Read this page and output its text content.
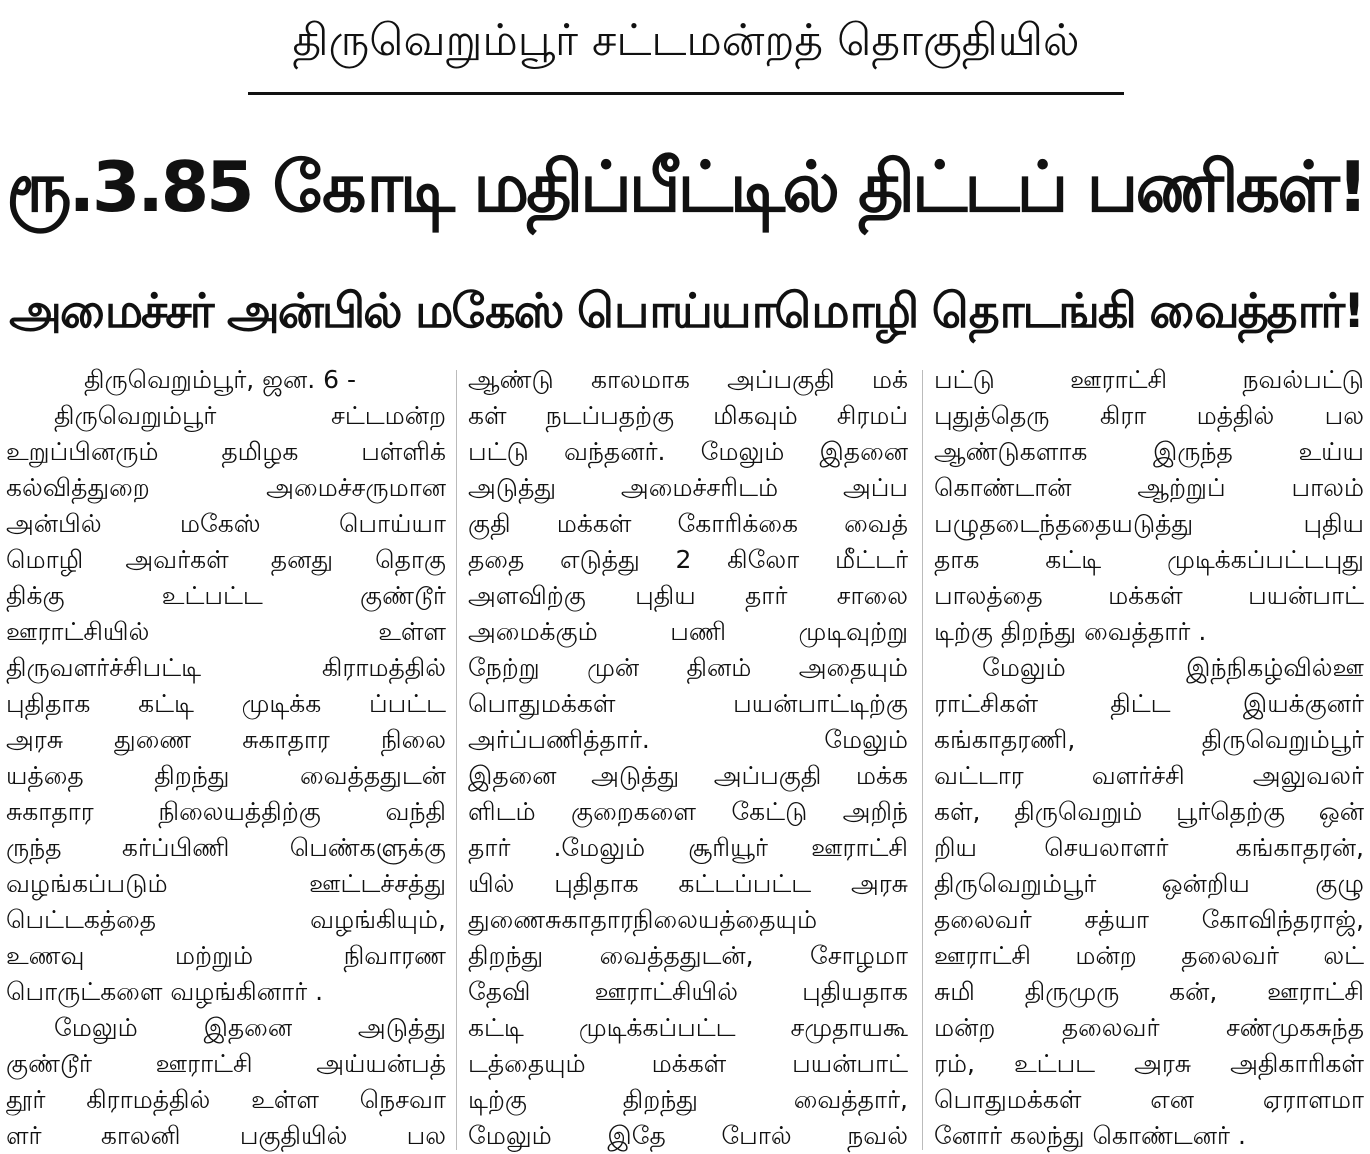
திருவெறும்பூர் சட்டமன்றத் தொகுதியில்
ரூ.3.85 கோடி மதிப்பீட்டில் திட்டப் பணிகள்!
அமைச்சர் அன்பில் மகேஸ் பொய்யாமொழி தொடங்கி வைத்தார்!
திருவெறும்பூர், ஜன. 6 -
திருவெறும்பூர் சட்டமன்ற
உறுப்பினரும் தமிழக பள்ளிக்
கல்வித்துறை அமைச்சருமான
அன்பில் மகேஸ் பொய்யா
மொழி அவர்கள் தனது தொகு
திக்கு உட்பட்ட குண்டூர்
ஊராட்சியில் உள்ள
திருவளர்ச்சிபட்டி கிராமத்தில்
புதிதாக கட்டி முடிக்க ப்பட்ட
அரசு துணை சுகாதார நிலை
யத்தை திறந்து வைத்ததுடன்
சுகாதார நிலையத்திற்கு வந்தி
ருந்த கர்ப்பிணி பெண்களுக்கு
வழங்கப்படும் ஊட்டச்சத்து
பெட்டகத்தை வழங்கியும்,
உணவு மற்றும் நிவாரண
பொருட்களை வழங்கினார் .
மேலும் இதனை அடுத்து
குண்டூர் ஊராட்சி அய்யன்பத்
தூர் கிராமத்தில் உள்ள நெசவா
ளர் காலனி பகுதியில் பல
ஆண்டு காலமாக அப்பகுதி மக்
கள் நடப்பதற்கு மிகவும் சிரமப்
பட்டு வந்தனர். மேலும் இதனை
அடுத்து அமைச்சரிடம் அப்ப
குதி மக்கள் கோரிக்கை வைத்
ததை எடுத்து 2 கிலோ மீட்டர்
அளவிற்கு புதிய தார் சாலை
அமைக்கும் பணி முடிவுற்று
நேற்று முன் தினம் அதையும்
பொதுமக்கள் பயன்பாட்டிற்கு
அர்ப்பணித்தார். மேலும்
இதனை அடுத்து அப்பகுதி மக்க
ளிடம் குறைகளை கேட்டு அறிந்
தார் .மேலும் சூரியூர் ஊராட்சி
யில் புதிதாக கட்டப்பட்ட அரசு
துணைசுகாதாரநிலையத்தையும்
திறந்து வைத்ததுடன், சோழமா
தேவி ஊராட்சியில் புதியதாக
கட்டி முடிக்கப்பட்ட சமுதாயகூ
டத்தையும் மக்கள் பயன்பாட்
டிற்கு திறந்து வைத்தார்,
மேலும் இதே போல் நவல்
பட்டு ஊராட்சி நவல்பட்டு
புதுத்தெரு கிரா மத்தில் பல
ஆண்டுகளாக இருந்த உய்ய
கொண்டான் ஆற்றுப் பாலம்
பழுதடைந்ததையடுத்து புதிய
தாக கட்டி முடிக்கப்பட்டபுது
பாலத்தை மக்கள் பயன்பாட்
டிற்கு திறந்து வைத்தார் .
மேலும் இந்நிகழ்வில்ஊ
ராட்சிகள் திட்ட இயக்குனர்
கங்காதரணி, திருவெறும்பூர்
வட்டார வளர்ச்சி அலுவலர்
கள், திருவெறும் பூர்தெற்கு ஒன்
றிய செயலாளர் கங்காதரன்,
திருவெறும்பூர் ஒன்றிய குழு
தலைவர் சத்யா கோவிந்தராஜ்,
ஊராட்சி மன்ற தலைவர் லட்
சுமி திருமுரு கன், ஊராட்சி
மன்ற தலைவர் சண்முகசுந்த
ரம், உட்பட அரசு அதிகாரிகள்
பொதுமக்கள் என ஏராளமா
னோர் கலந்து கொண்டனர் .
